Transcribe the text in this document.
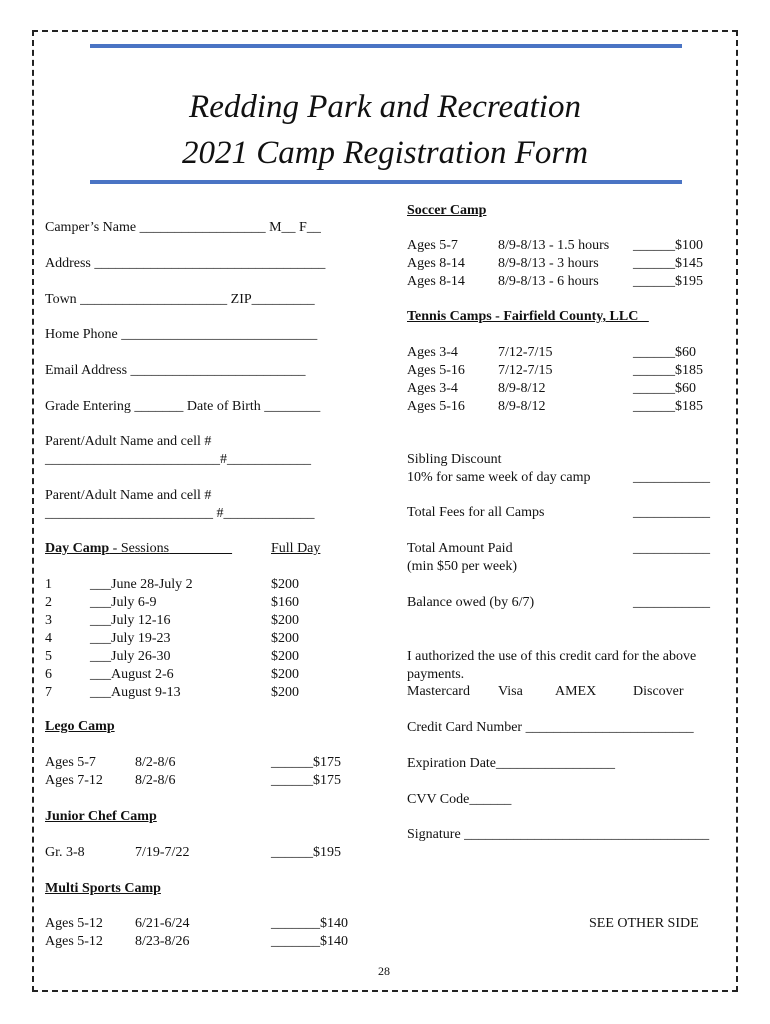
Redding Park and Recreation
2021 Camp Registration Form
Camper’s Name __________________ M__ F__
Address _________________________________
Town _____________________ ZIP_________
Home Phone ____________________________
Email Address _________________________
Grade Entering _______ Date of Birth ________
Parent/Adult Name and cell #
_________________________#____________
Parent/Adult Name and cell #
________________________ #_____________
Day Camp - Sessions	Full Day
1	___June 28-July 2	$200
2	___July 6-9	$160
3	___July 12-16	$200
4	___July 19-23	$200
5	___July 26-30	$200
6	___August 2-6	$200
7	___August 9-13	$200
Lego Camp
Ages 5-7	8/2-8/6	______$175
Ages 7-12 8/2-8/6	______$175
Junior Chef Camp
Gr. 3-8	7/19-7/22	______$195
Multi Sports Camp
Ages 5-12 6/21-6/24	_______$140
Ages 5-12 8/23-8/26	_______$140
Soccer Camp
Ages 5-7	8/9-8/13 - 1.5 hours ______$100
Ages 8-14 8/9-8/13 - 3 hours ______$145
Ages 8-14 8/9-8/13 - 6 hours ______$195
Tennis Camps - Fairfield County, LLC
Ages 3-4	7/12-7/15	______$60
Ages 5-16 7/12-7/15	______$185
Ages 3-4	8/9-8/12	______$60
Ages 5-16 8/9-8/12	______$185
Sibling Discount
10% for same week of day camp	___________
Total Fees for all Camps	___________
Total Amount Paid	___________
(min $50 per week)
Balance owed (by 6/7)	___________
I authorized the use of this credit card for the above
payments.
Mastercard Visa AMEX	Discover
Credit Card Number ________________________
Expiration Date_________________
CVV Code______
Signature ___________________________________
SEE OTHER SIDE
28
